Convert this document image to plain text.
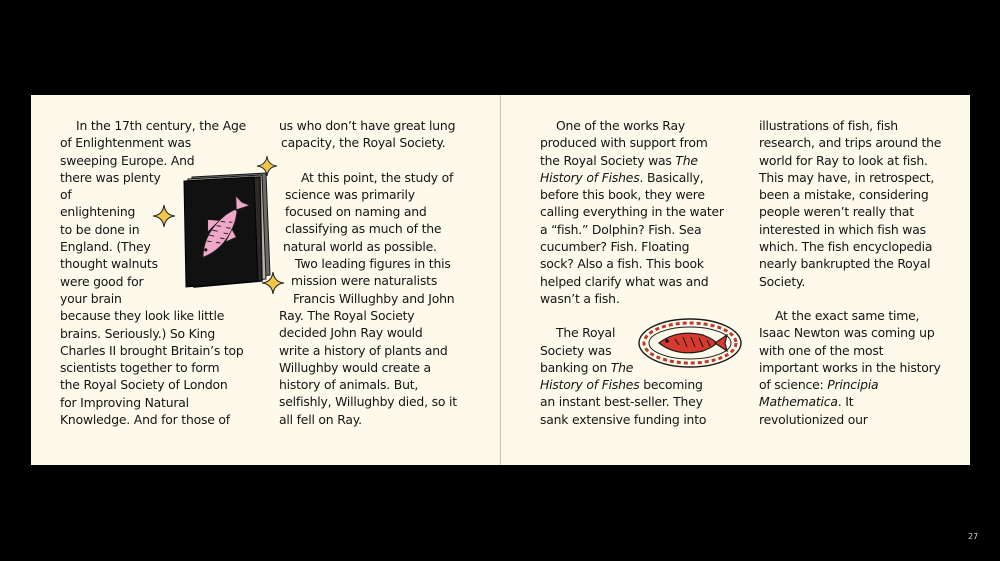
In the 17th century, the Age
of Enlightenment was
sweeping Europe. And
there was plenty
of
enlightening
to be done in
England. (They
thought walnuts
were good for
your brain
because they look like little
brains. Seriously.) So King
Charles II brought Britain’s top
scientists together to form
the Royal Society of London
for Improving Natural
Knowledge. And for those of
us who don’t have great lung
capacity, the Royal Society.
At this point, the study of
science was primarily
focused on naming and
classifying as much of the
natural world as possible.
Two leading figures in this
mission were naturalists
Francis Willughby and John
Ray. The Royal Society
decided John Ray would
write a history of plants and
Willughby would create a
history of animals. But,
selfishly, Willughby died, so it
all fell on Ray.
One of the works Ray
produced with support from
the Royal Society was The
History of Fishes. Basically,
before this book, they were
calling everything in the water
a “fish.” Dolphin? Fish. Sea
cucumber? Fish. Floating
sock? Also a fish. This book
helped clarify what was and
wasn’t a fish.
The Royal
Society was
banking on The
History of Fishes becoming
an instant best-seller. They
sank extensive funding into
illustrations of fish, fish
research, and trips around the
world for Ray to look at fish.
This may have, in retrospect,
been a mistake, considering
people weren’t really that
interested in which fish was
which. The fish encyclopedia
nearly bankrupted the Royal
Society.
At the exact same time,
Isaac Newton was coming up
with one of the most
important works in the history
of science: Principia
Mathematica. It
revolutionized our
27
